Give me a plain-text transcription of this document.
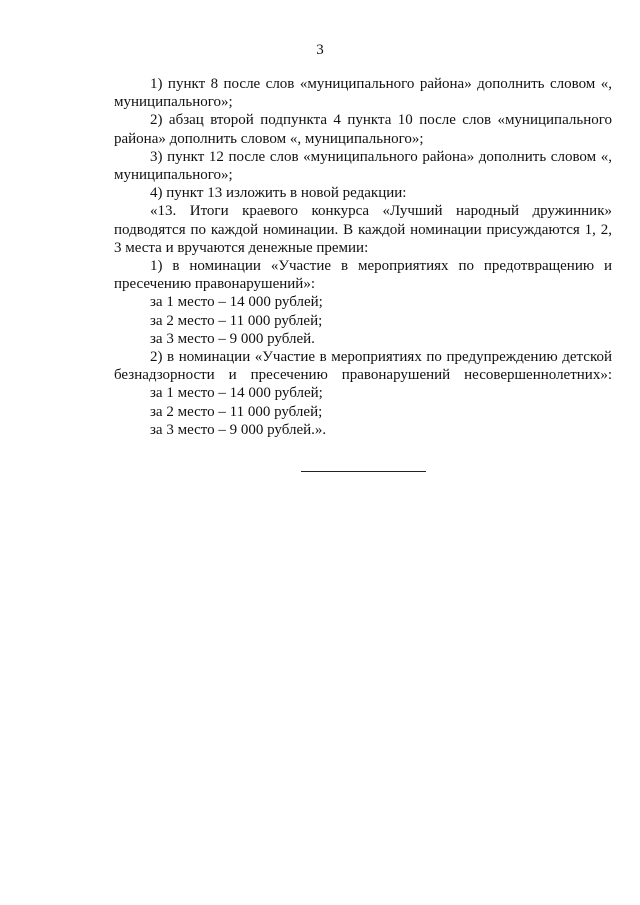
3

1) пункт 8 после слов «муниципального района» дополнить словом «, муниципального»;

2) абзац второй подпункта 4 пункта 10 после слов «муниципального района» дополнить словом «, муниципального»;

3) пункт 12 после слов «муниципального района» дополнить словом «, муниципального»;

4) пункт 13 изложить в новой редакции:

«13. Итоги краевого конкурса «Лучший народный дружинник» подводятся по каждой номинации. В каждой номинации присуждаются 1, 2, 3 места и вручаются денежные премии:

1) в номинации «Участие в мероприятиях по предотвращению и пресечению правонарушений»:

за 1 место – 14 000 рублей;

за 2 место – 11 000 рублей;

за 3 место – 9 000 рублей.

2) в номинации «Участие в мероприятиях по предупреждению детской безнадзорности и пресечению правонарушений несовершеннолетних»:

за 1 место – 14 000 рублей;

за 2 место – 11 000 рублей;

за 3 место – 9 000 рублей.».
